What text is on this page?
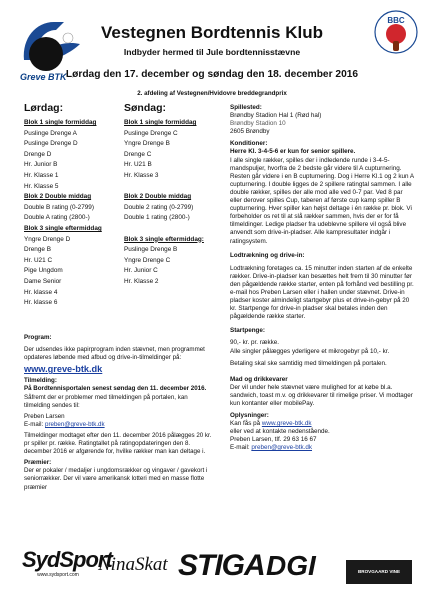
Greve BTK
BBC
Vestegnen Bordtennis Klub
Indbyder hermed til Jule bordtennisstævne
Lørdag den 17. december og søndag den 18. december 2016
2. afdeling af Vestegnen/Hvidovre breddegrandprix
Lørdag:
Blok 1 single formiddag
Puslinge Drenge A
Puslinge Drenge D
Drenge D
Hr. Junior B
Hr. Klasse 1
Hr. Klasse 5
Blok 2 Double middag
Double B rating (0-2799)
Double A rating (2800-)
Blok 3 single eftermiddag
Yngre Drenge D
Drenge B
Hr. U21 C
Pige Ungdom
Dame Senior
Hr. klasse 4
Hr. klasse 6
Søndag:
Blok 1 single formiddag
Puslinge Drenge C
Yngre Drenge B
Drenge C
Hr. U21 B
Hr. Klasse 3
Blok 2 Double middag
Double 2 rating (0-2799)
Double 1 rating (2800-)
Blok 3 single eftermiddag:
Puslinge Drenge B
Yngre Drenge C
Hr. Junior C
Hr. Klasse 2
Spillested:
Brøndby Stadion Hal 1 (Rød hal)
Brøndby Stadion 10
2605 Brøndby
Konditioner:
Herre Kl. 3-4-5-6 er kun for senior spillere.
I alle single rækker, spilles der i indledende runde i 3-4-5-mandspuljer, hvorfra de 2 bedste går videre til A cupturnering. Resten går videre i en B cupturnering. Dog i Herre Kl.1 og 2 kun A cupturnering. I double ligges de 2 spillere ratingtal sammen. I alle double rækker, spilles der alle mod alle ved 0-7 par. Ved 8 par eller derover spilles Cup, taberen af første cup kamp spiller B cupturnering. Hver spiller kan højst deltage i én række pr. blok. Vi forbeholder os ret til at slå rækker sammen, hvis der er for få tilmeldinger. Ledige pladser fra udeblevne spillere vil også blive anvendt som drive-in-pladser. Alle kampresultater indgår i ratingsystem.
Lodtrækning og drive-in:
Lodtrækning foretages ca. 15 minutter inden starten af de enkelte rækker. Drive-in-pladser kan besættes helt frem til 30 minutter før den pågældende række starter, enten på forhånd ved bestilling pr. e-mail hos Preben Larsen eller i hallen under stævnet. Drive-in pladser koster almindeligt startgebyr plus et drive-in-gebyr på 20 kr. Startpenge for drive-in pladser skal betales inden den pågældende række starter.
Startpenge:
90,- kr. pr. række.
Alle singler pålægges yderligere et mikrogebyr på 10,- kr.
Betaling skal ske samtidig med tilmeldingen på portalen.
Mad og drikkevarer
Der vil under hele stævnet være mulighed for at købe bl.a. sandwich, toast m.v. og drikkevarer til rimelige priser. Vi modtager kun kontanter eller mobilePay.
Oplysninger:
Kan fås på www.greve-btk.dk
eller ved at kontakte nedenstående.
Preben Larsen, tlf. 29 63 16 67
E-mail: preben@greve-btk.dk
Program:
Der udsendes ikke papirprogram inden stævnet, men programmet opdateres løbende med afbud og drive-in-tilmeldinger på:
www.greve-btk.dk
Tilmelding:
På Bordtennisportalen senest søndag den 11. december 2016. Såfremt der er problemer med tilmeldingen på portalen, kan tilmelding sendes til:
Preben Larsen
E-mail: preben@greve-btk.dk
Tilmeldinger modtaget efter den 11. december 2016 pålægges 20 kr. pr spiller pr. række. Ratingtallet på ratingopdateringen den 8. december 2016 er afgørende for, hvilke rækker man kan deltage i.
Præmier:
Der er pokaler / medaljer i ungdomsrækker og vingaver / gavekort i seniorrækker. Der vil være amerikansk lotteri med en masse flotte præmier
SydSport
www.sydsport.com	NinaSkat STIGA DGI	BROVGAARD VINE
